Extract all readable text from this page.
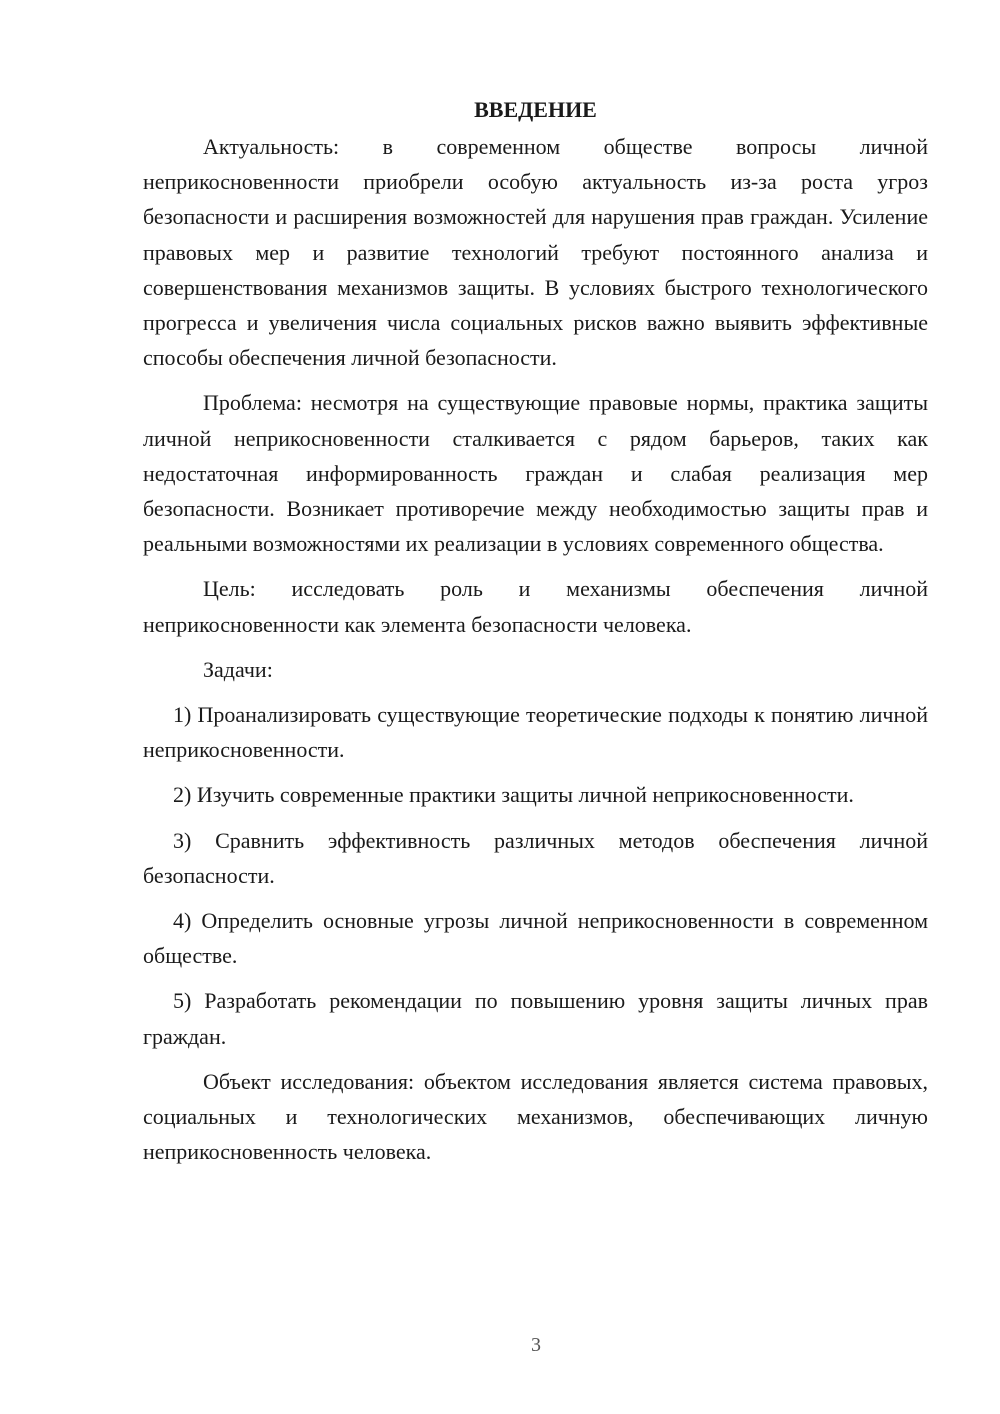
ВВЕДЕНИЕ

Актуальность: в современном обществе вопросы личной неприкосновенности приобрели особую актуальность из-за роста угроз безопасности и расширения возможностей для нарушения прав граждан. Усиление правовых мер и развитие технологий требуют постоянного анализа и совершенствования механизмов защиты. В условиях быстрого технологического прогресса и увеличения числа социальных рисков важно выявить эффективные способы обеспечения личной безопасности.

Проблема: несмотря на существующие правовые нормы, практика защиты личной неприкосновенности сталкивается с рядом барьеров, таких как недостаточная информированность граждан и слабая реализация мер безопасности. Возникает противоречие между необходимостью защиты прав и реальными возможностями их реализации в условиях современного общества.

Цель: исследовать роль и механизмы обеспечения личной неприкосновенности как элемента безопасности человека.

Задачи:

1) Проанализировать существующие теоретические подходы к понятию личной неприкосновенности.

2) Изучить современные практики защиты личной неприкосновенности.

3) Сравнить эффективность различных методов обеспечения личной безопасности.

4) Определить основные угрозы личной неприкосновенности в современном обществе.

5) Разработать рекомендации по повышению уровня защиты личных прав граждан.

Объект исследования: объектом исследования является система правовых, социальных и технологических механизмов, обеспечивающих личную неприкосновенность человека.

3
